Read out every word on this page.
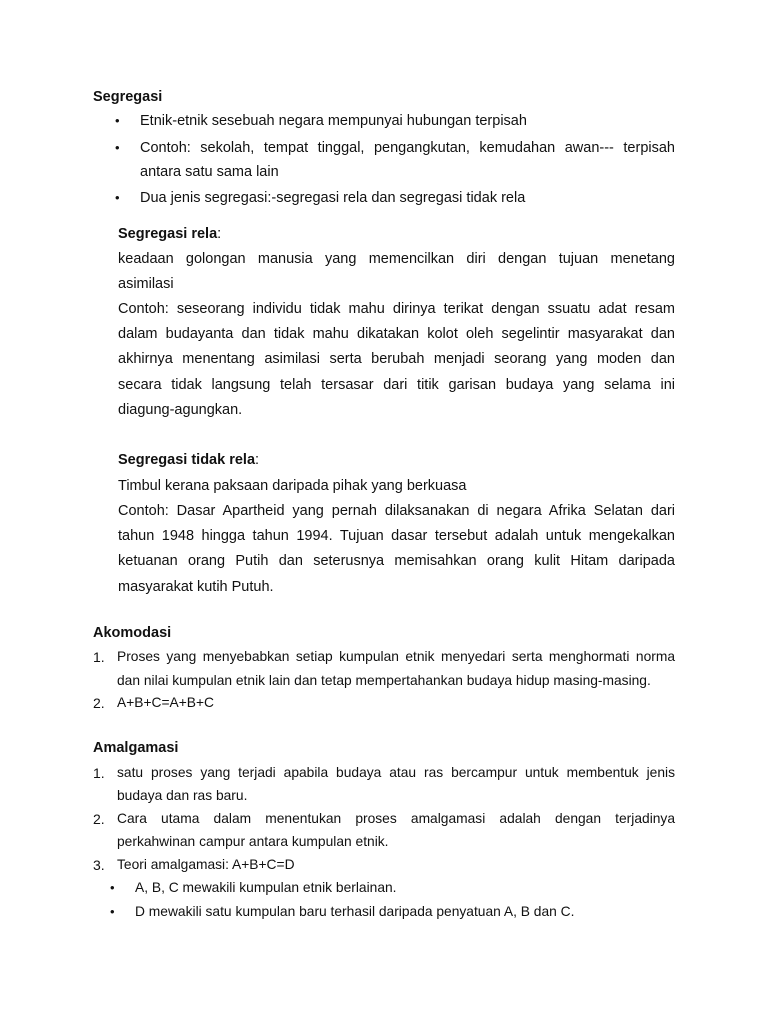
Segregasi
• Etnik-etnik sesebuah negara mempunyai hubungan terpisah
• Contoh: sekolah, tempat tinggal, pengangkutan, kemudahan awan--- terpisah
antara satu sama lain
• Dua jenis segregasi:-segregasi rela dan segregasi tidak rela
Segregasi rela:
keadaan golongan manusia yang memencilkan diri dengan tujuan menetang
asimilasi
Contoh: seseorang individu tidak mahu dirinya terikat dengan ssuatu adat resam
dalam budayanta dan tidak mahu dikatakan kolot oleh segelintir masyarakat dan
akhirnya menentang asimilasi serta berubah menjadi seorang yang moden dan
secara tidak langsung telah tersasar dari titik garisan budaya yang selama ini
diagung-agungkan.
Segregasi tidak rela:
Timbul kerana paksaan daripada pihak yang berkuasa
Contoh: Dasar Apartheid yang pernah dilaksanakan di negara Afrika Selatan dari
tahun 1948 hingga tahun 1994. Tujuan dasar tersebut adalah untuk mengekalkan
ketuanan orang Putih dan seterusnya memisahkan orang kulit Hitam daripada
masyarakat kutih Putuh.
Akomodasi
1. Proses yang menyebabkan setiap kumpulan etnik menyedari serta menghormati norma
dan nilai kumpulan etnik lain dan tetap mempertahankan budaya hidup masing-masing.
2. A+B+C=A+B+C
Amalgamasi
1. satu proses yang terjadi apabila budaya atau ras bercampur untuk membentuk jenis
budaya dan ras baru.
2. Cara utama dalam menentukan proses amalgamasi adalah dengan terjadinya
perkahwinan campur antara kumpulan etnik.
3. Teori amalgamasi: A+B+C=D
• A, B, C mewakili kumpulan etnik berlainan.
• D mewakili satu kumpulan baru terhasil daripada penyatuan A, B dan C.
